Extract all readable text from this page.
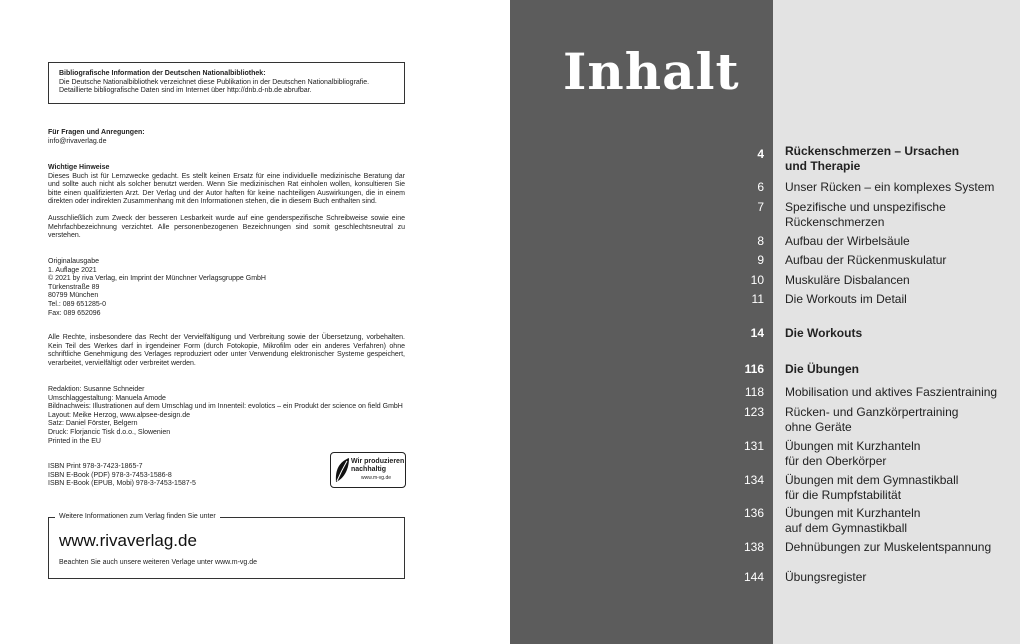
Bibliografische Information der Deutschen Nationalbibliothek:
Die Deutsche Nationalbibliothek verzeichnet diese Publikation in der Deutschen Nationalbibliografie.
Detaillierte bibliografische Daten sind im Internet über http://dnb.d-nb.de abrufbar.
Für Fragen und Anregungen:
info@rivaverlag.de
Wichtige Hinweise
Dieses Buch ist für Lernzwecke gedacht. Es stellt keinen Ersatz für eine individuelle medizinische Beratung dar und sollte auch nicht als solcher benutzt werden. Wenn Sie medizinischen Rat einholen wollen, konsultieren Sie bitte einen qualifizierten Arzt. Der Verlag und der Autor haften für keine nachteiligen Auswirkungen, die in einem direkten oder indirekten Zusammenhang mit den Informationen stehen, die in diesem Buch enthalten sind.
Ausschließlich zum Zweck der besseren Lesbarkeit wurde auf eine genderspezifische Schreibweise sowie eine Mehrfachbezeichnung verzichtet. Alle personenbezogenen Bezeichnungen sind somit geschlechtsneutral zu verstehen.
Originalausgabe
1. Auflage 2021
© 2021 by riva Verlag, ein Imprint der Münchner Verlagsgruppe GmbH
Türkenstraße 89
80799 München
Tel.: 089 651285-0
Fax: 089 652096
Alle Rechte, insbesondere das Recht der Vervielfältigung und Verbreitung sowie der Übersetzung, vorbehalten. Kein Teil des Werkes darf in irgendeiner Form (durch Fotokopie, Mikrofilm oder ein anderes Verfahren) ohne schriftliche Genehmigung des Verlages reproduziert oder unter Verwendung elektronischer Systeme gespeichert, verarbeitet, vervielfältigt oder verbreitet werden.
Redaktion: Susanne Schneider
Umschlaggestaltung: Manuela Amode
Bildnachweis: Illustrationen auf dem Umschlag und im Innenteil: evolotics – ein Produkt der science on field GmbH
Layout: Meike Herzog, www.alpsee-design.de
Satz: Daniel Förster, Belgern
Druck: Florjancic Tisk d.o.o., Slowenien
Printed in the EU
ISBN Print 978-3-7423-1865-7
ISBN E-Book (PDF) 978-3-7453-1586-8
ISBN E-Book (EPUB, Mobi) 978-3-7453-1587-5
Wir produzieren
nachhaltig
www.m-vg.de
Weitere Informationen zum Verlag finden Sie unter
www.rivaverlag.de
Beachten Sie auch unsere weiteren Verlage unter www.m-vg.de
Inhalt
4 Rückenschmerzen – Ursachen
und Therapie
6 Unser Rücken – ein komplexes System
7 Spezifische und unspezifische
Rückenschmerzen
8 Aufbau der Wirbelsäule
9 Aufbau der Rückenmuskulatur
10 Muskuläre Disbalancen
11 Die Workouts im Detail
14 Die Workouts
116 Die Übungen
118 Mobilisation und aktives Faszientraining
123 Rücken- und Ganzkörpertraining
ohne Geräte
131 Übungen mit Kurzhanteln
für den Oberkörper
134 Übungen mit dem Gymnastikball
für die Rumpfstabilität
136 Übungen mit Kurzhanteln
auf dem Gymnastikball
138 Dehnübungen zur Muskelentspannung
144 Übungsregister
